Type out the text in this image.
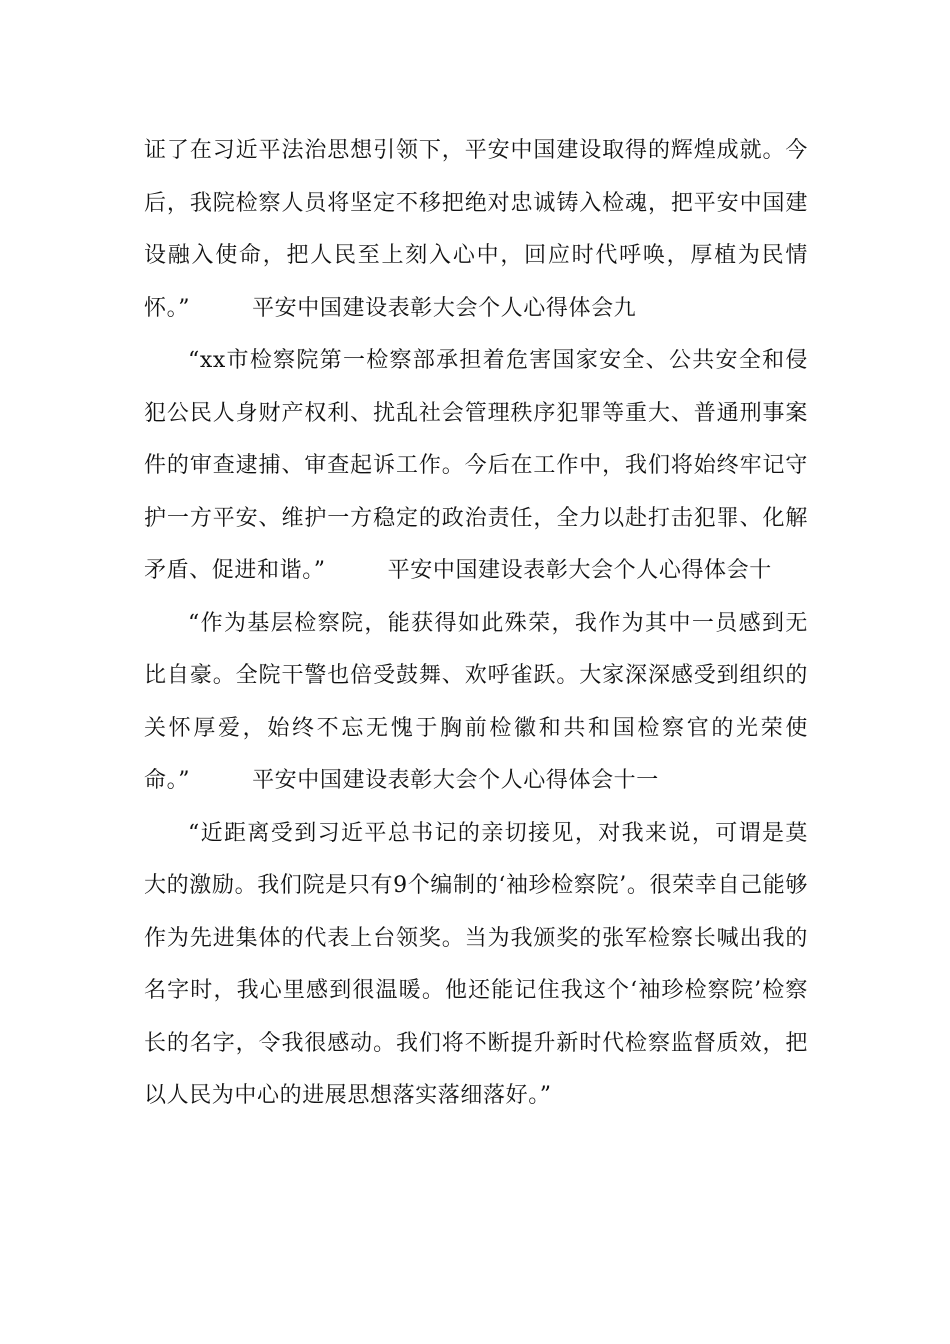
证了在习近平法治思想引领下，平安中国建设取得的辉煌成就。今后，我院检察人员将坚定不移把绝对忠诚铸入检魂，把平安中国建设融入使命，把人民至上刻入心中，回应时代呼唤，厚植为民情怀。”	平安中国建设表彰大会个人心得体会九

“xx市检察院第一检察部承担着危害国家安全、公共安全和侵犯公民人身财产权利、扰乱社会管理秩序犯罪等重大、普通刑事案件的审查逮捕、审查起诉工作。今后在工作中，我们将始终牢记守护一方平安、维护一方稳定的政治责任，全力以赴打击犯罪、化解矛盾、促进和谐。”	平安中国建设表彰大会个人心得体会十

“作为基层检察院，能获得如此殊荣，我作为其中一员感到无比自豪。全院干警也倍受鼓舞、欢呼雀跃。大家深深感受到组织的关怀厚爱，始终不忘无愧于胸前检徽和共和国检察官的光荣使命。”	平安中国建设表彰大会个人心得体会十一

“近距离受到习近平总书记的亲切接见，对我来说，可谓是莫大的激励。我们院是只有9个编制的‘袖珍检察院’。很荣幸自己能够作为先进集体的代表上台领奖。当为我颁奖的张军检察长喊出我的名字时，我心里感到很温暖。他还能记住我这个‘袖珍检察院’检察长的名字，令我很感动。我们将不断提升新时代检察监督质效，把以人民为中心的进展思想落实落细落好。”
